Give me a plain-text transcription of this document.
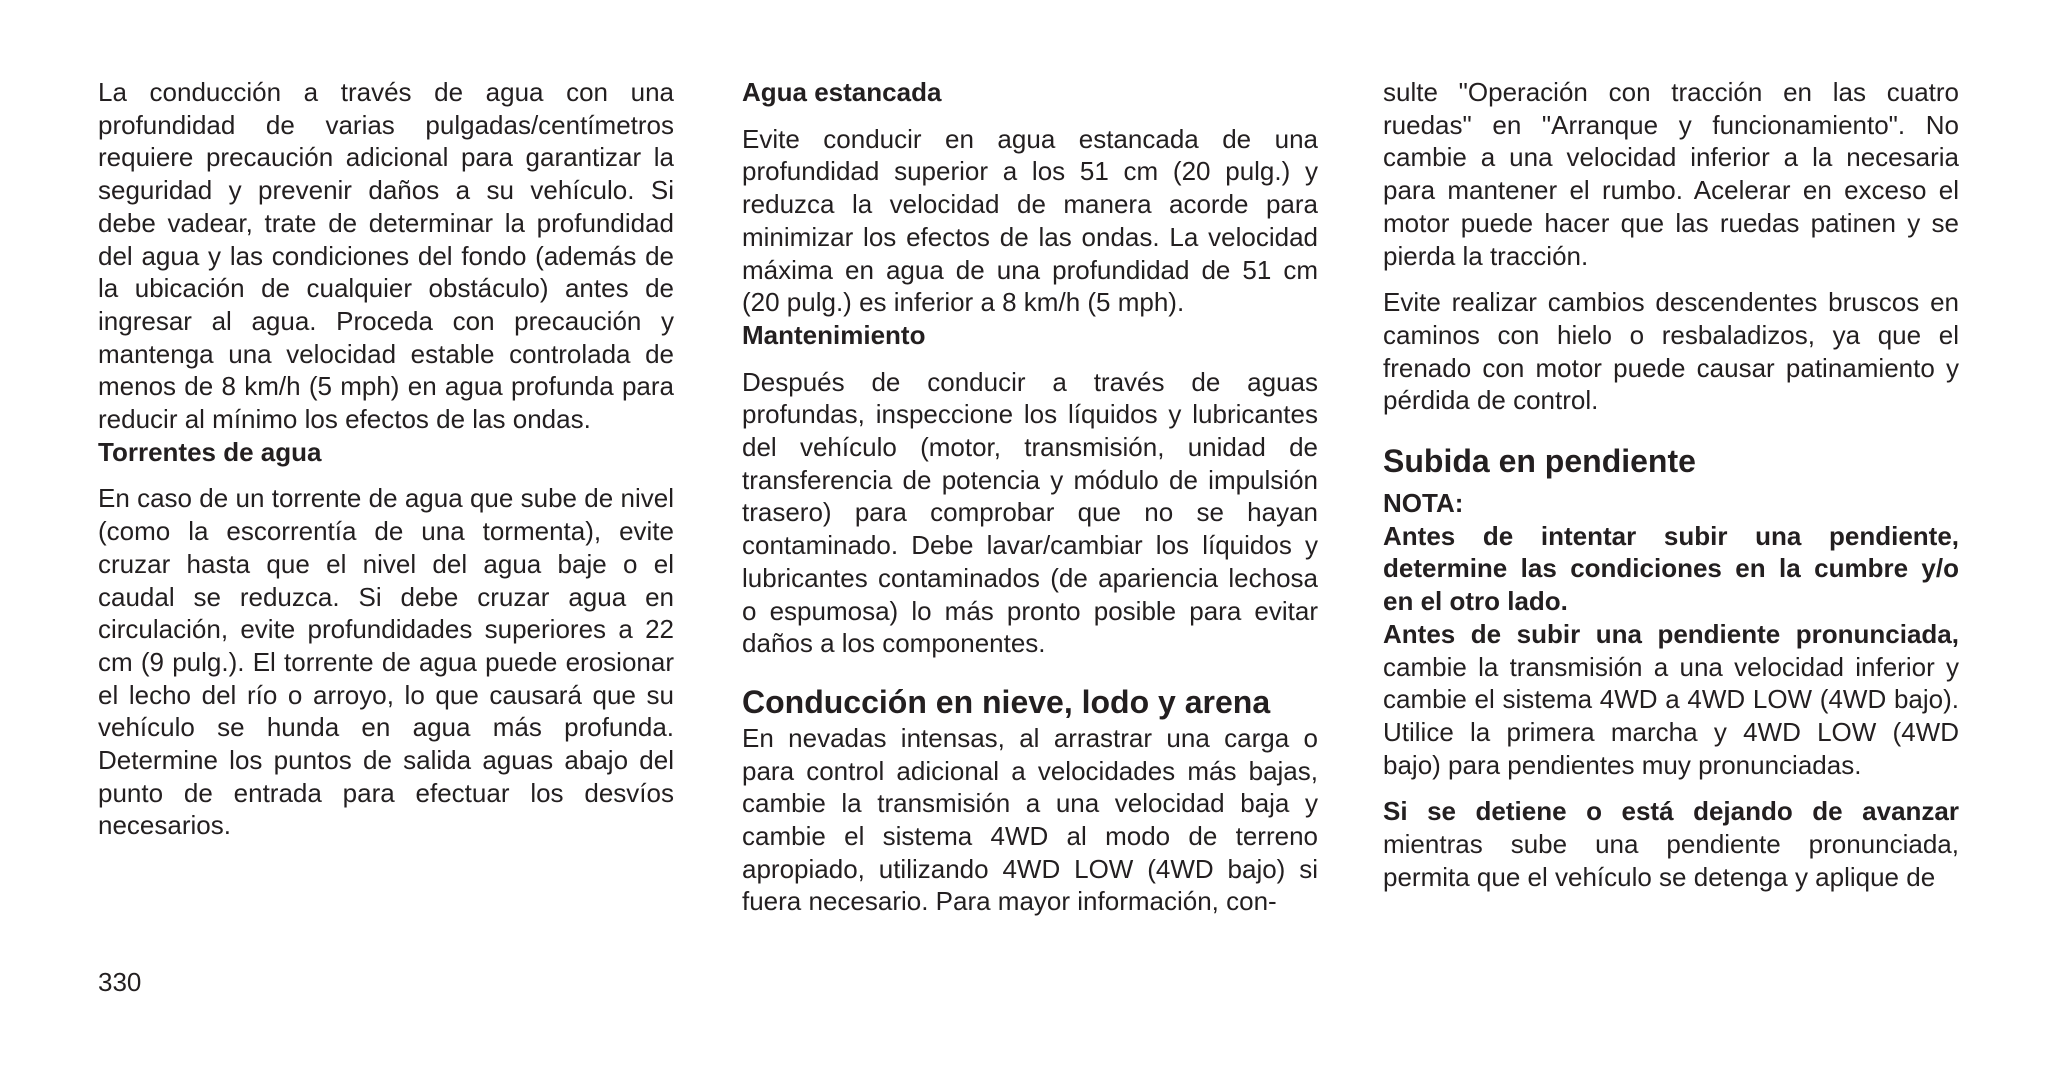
La conducción a través de agua con una profundidad de varias pulgadas/centímetros requiere precaución adicional para garantizar la seguridad y prevenir daños a su vehículo. Si debe vadear, trate de determinar la profundidad del agua y las condiciones del fondo (además de la ubicación de cualquier obstáculo) antes de ingresar al agua. Proceda con precaución y mantenga una velocidad estable controlada de menos de 8 km/h (5 mph) en agua profunda para reducir al mínimo los efectos de las ondas.

Torrentes de agua

En caso de un torrente de agua que sube de nivel (como la escorrentía de una tormenta), evite cruzar hasta que el nivel del agua baje o el caudal se reduzca. Si debe cruzar agua en circulación, evite profundidades superiores a 22 cm (9 pulg.). El torrente de agua puede erosionar el lecho del río o arroyo, lo que causará que su vehículo se hunda en agua más profunda. Determine los puntos de salida aguas abajo del punto de entrada para efectuar los desvíos necesarios.

Agua estancada

Evite conducir en agua estancada de una profundidad superior a los 51 cm (20 pulg.) y reduzca la velocidad de manera acorde para minimizar los efectos de las ondas. La velocidad máxima en agua de una profundidad de 51 cm (20 pulg.) es inferior a 8 km/h (5 mph).

Mantenimiento

Después de conducir a través de aguas profundas, inspeccione los líquidos y lubricantes del vehículo (motor, transmisión, unidad de transferencia de potencia y módulo de impulsión trasero) para comprobar que no se hayan contaminado. Debe lavar/cambiar los líquidos y lubricantes contaminados (de apariencia lechosa o espumosa) lo más pronto posible para evitar daños a los componentes.

Conducción en nieve, lodo y arena

En nevadas intensas, al arrastrar una carga o para control adicional a velocidades más bajas, cambie la transmisión a una velocidad baja y cambie el sistema 4WD al modo de terreno apropiado, utilizando 4WD LOW (4WD bajo) si fuera necesario. Para mayor información, con-

sulte "Operación con tracción en las cuatro ruedas" en "Arranque y funcionamiento". No cambie a una velocidad inferior a la necesaria para mantener el rumbo. Acelerar en exceso el motor puede hacer que las ruedas patinen y se pierda la tracción.

Evite realizar cambios descendentes bruscos en caminos con hielo o resbaladizos, ya que el frenado con motor puede causar patinamiento y pérdida de control.

Subida en pendiente

NOTA:

Antes de intentar subir una pendiente, determine las condiciones en la cumbre y/o en el otro lado.

Antes de subir una pendiente pronunciada, cambie la transmisión a una velocidad inferior y cambie el sistema 4WD a 4WD LOW (4WD bajo). Utilice la primera marcha y 4WD LOW (4WD bajo) para pendientes muy pronunciadas.

Si se detiene o está dejando de avanzar mientras sube una pendiente pronunciada, permita que el vehículo se detenga y aplique de

330
